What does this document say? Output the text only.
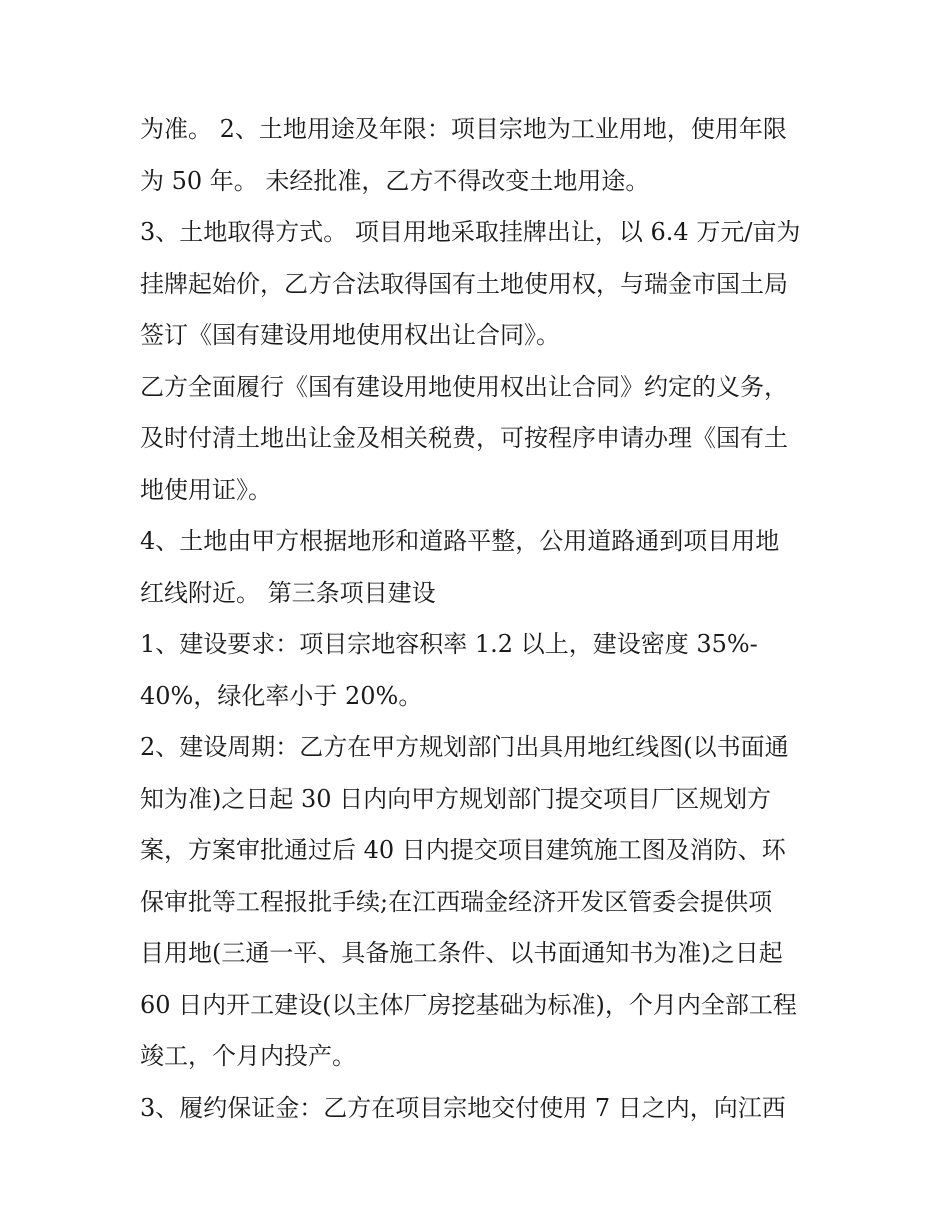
为准。 2、土地用途及年限：项目宗地为工业用地，使用年限
为 50 年。 未经批准，乙方不得改变土地用途。
3、土地取得方式。 项目用地采取挂牌出让，以 6.4 万元/亩为
挂牌起始价，乙方合法取得国有土地使用权，与瑞金市国土局
签订《国有建设用地使用权出让合同》。
乙方全面履行《国有建设用地使用权出让合同》约定的义务，
及时付清土地出让金及相关税费，可按程序申请办理《国有土
地使用证》。
4、土地由甲方根据地形和道路平整，公用道路通到项目用地
红线附近。 第三条项目建设
1、建设要求：项目宗地容积率 1.2 以上，建设密度 35%-
40%，绿化率小于 20%。
2、建设周期：乙方在甲方规划部门出具用地红线图(以书面通
知为准)之日起 30 日内向甲方规划部门提交项目厂区规划方
案，方案审批通过后 40 日内提交项目建筑施工图及消防、环
保审批等工程报批手续;在江西瑞金经济开发区管委会提供项
目用地(三通一平、具备施工条件、以书面通知书为准)之日起
60 日内开工建设(以主体厂房挖基础为标准)，个月内全部工程
竣工，个月内投产。
3、履约保证金：乙方在项目宗地交付使用 7 日之内，向江西
